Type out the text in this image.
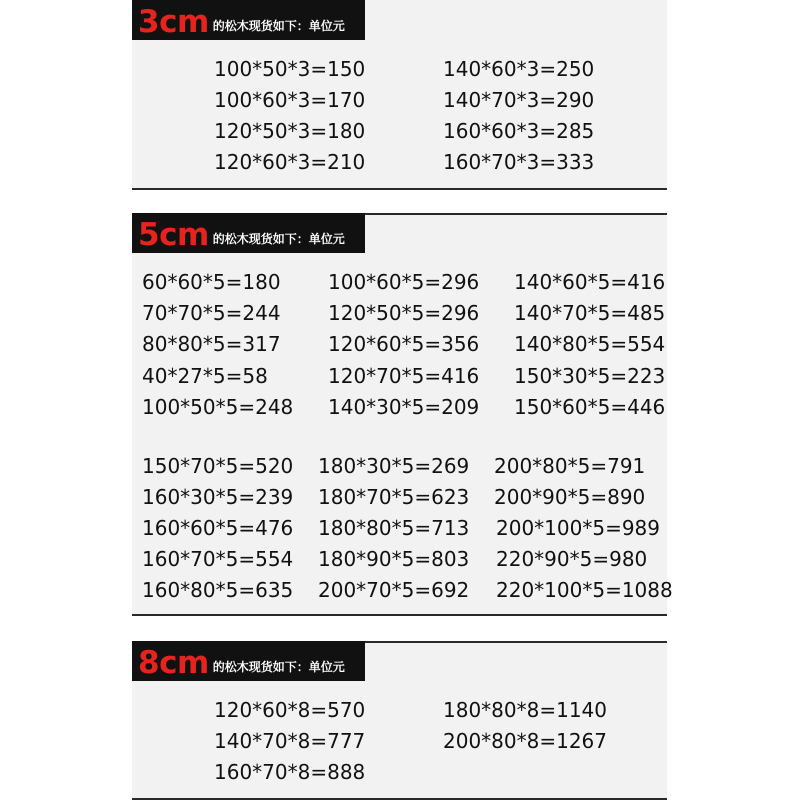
3cm 的松木现货如下：单位元
100*50*3=150
100*60*3=170
120*50*3=180
120*60*3=210
140*60*3=250
140*70*3=290
160*60*3=285
160*70*3=333
5cm 的松木现货如下：单位元
60*60*5=180
70*70*5=244
80*80*5=317
40*27*5=58
100*50*5=248
100*60*5=296
120*50*5=296
120*60*5=356
120*70*5=416
140*30*5=209
140*60*5=416
140*70*5=485
140*80*5=554
150*30*5=223
150*60*5=446
150*70*5=520
160*30*5=239
160*60*5=476
160*70*5=554
160*80*5=635
180*30*5=269
180*70*5=623
180*80*5=713
180*90*5=803
200*70*5=692
200*80*5=791
200*90*5=890
200*100*5=989
220*90*5=980
220*100*5=1088
8cm 的松木现货如下：单位元
120*60*8=570
140*70*8=777
160*70*8=888
180*80*8=1140
200*80*8=1267
